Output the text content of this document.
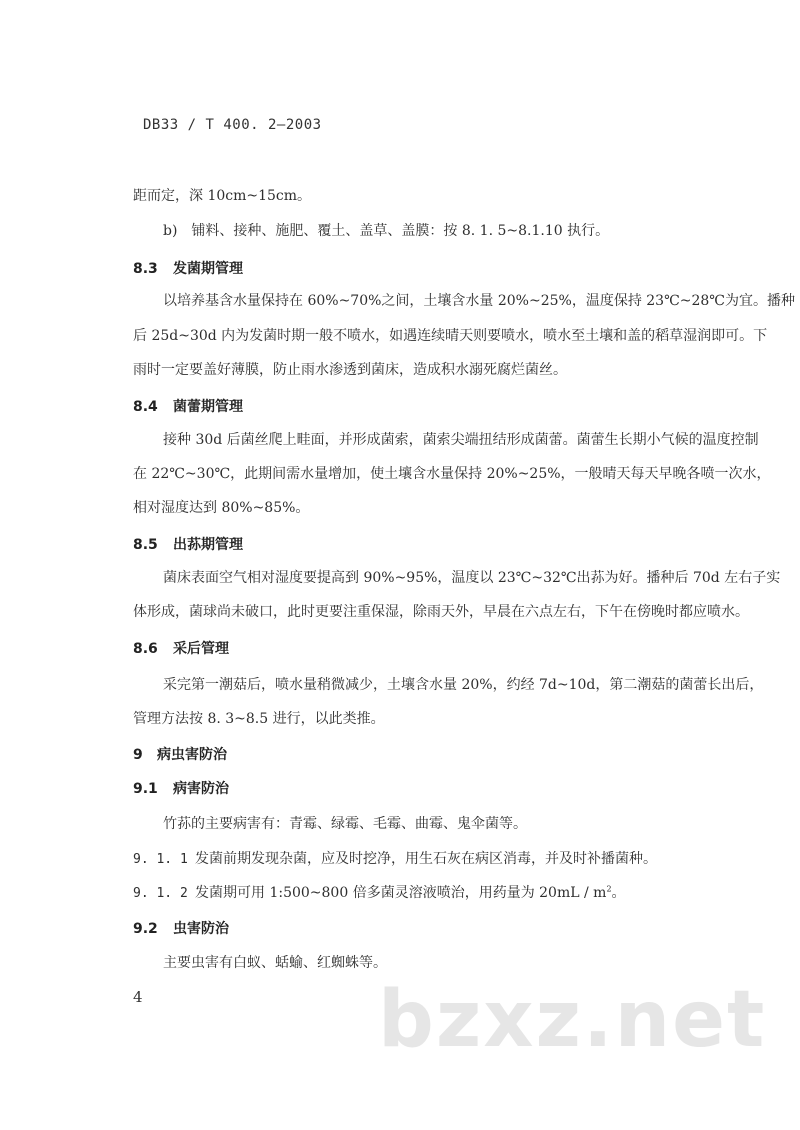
DB33 / T 400. 2—2003
距而定，深 10cm~15cm。
b)　铺料、接种、施肥、覆土、盖草、盖膜：按 8. 1. 5~8.1.10 执行。
8.3 发菌期管理
以培养基含水量保持在 60%~70%之间，土壤含水量 20%~25%，温度保持 23℃~28℃为宜。播种
后 25d~30d 内为发菌时期一般不喷水，如遇连续晴天则要喷水，喷水至土壤和盖的稻草湿润即可。下
雨时一定要盖好薄膜，防止雨水渗透到菌床，造成积水溺死腐烂菌丝。
8.4 菌蕾期管理
接种 30d 后菌丝爬上畦面，并形成菌索，菌索尖端扭结形成菌蕾。菌蕾生长期小气候的温度控制
在 22℃~30℃，此期间需水量增加，使土壤含水量保持 20%~25%，一般晴天每天早晚各喷一次水，
相对湿度达到 80%~85%。
8.5 出荪期管理
菌床表面空气相对湿度要提高到 90%~95%，温度以 23℃~32℃出荪为好。播种后 70d 左右子实
体形成，菌球尚未破口，此时更要注重保湿，除雨天外，早晨在六点左右，下午在傍晚时都应喷水。
8.6 采后管理
采完第一潮菇后，喷水量稍微减少，土壤含水量 20%，约经 7d~10d，第二潮菇的菌蕾长出后，
管理方法按 8. 3~8.5 进行，以此类推。
9 病虫害防治
9.1 病害防治
竹荪的主要病害有：青霉、绿霉、毛霉、曲霉、鬼伞菌等。
9. 1. 1 发菌前期发现杂菌，应及时挖净，用生石灰在病区消毒，并及时补播菌种。
9. 1. 2 发菌期可用 1:500~800 倍多菌灵溶液喷治，用药量为 $20mL / m^2$。
9.2 虫害防治
主要虫害有白蚁、蛞蝓、红蜘蛛等。
4	bzxz.net
